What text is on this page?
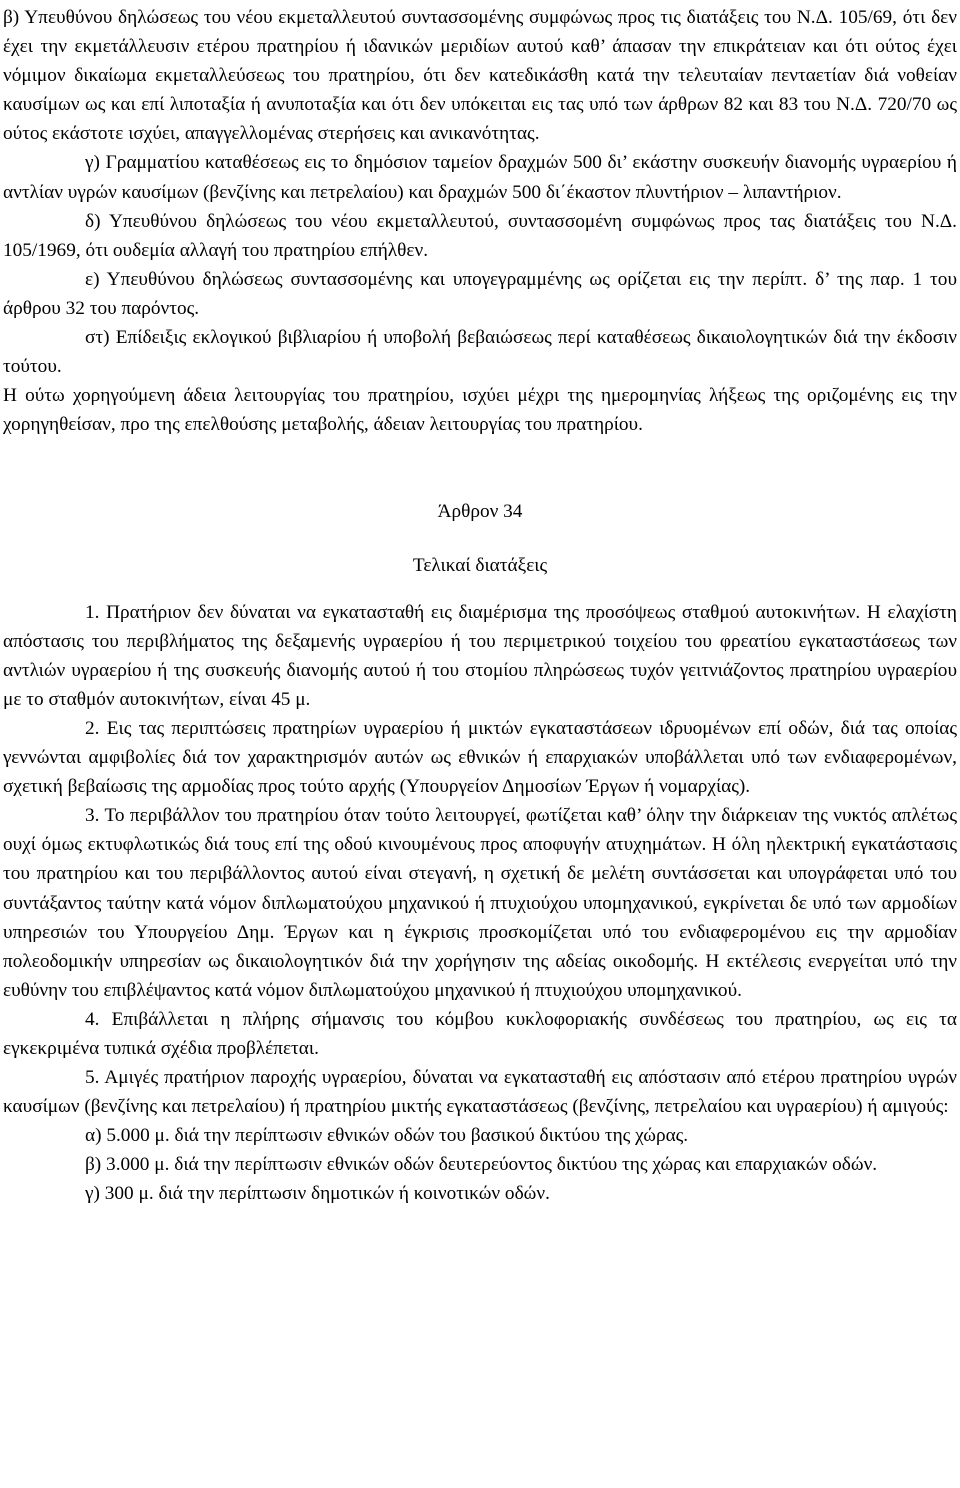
β) Υπευθύνου δηλώσεως του νέου εκμεταλλευτού συντασσομένης συμφώνως προς τις διατάξεις του Ν.Δ. 105/69, ότι δεν έχει την εκμετάλλευσιν ετέρου πρατηρίου ή ιδανικών μεριδίων αυτού καθ’ άπασαν την επικράτειαν και ότι ούτος έχει νόμιμον δικαίωμα εκμεταλλεύσεως του πρατηρίου, ότι δεν κατεδικάσθη κατά την τελευταίαν πενταετίαν διά νοθείαν καυσίμων ως και επί λιποταξία ή ανυποταξία και ότι δεν υπόκειται εις τας υπό των άρθρων 82 και 83 του Ν.Δ. 720/70 ως ούτος εκάστοτε ισχύει, απαγγελλομένας στερήσεις και ανικανότητας.

γ) Γραμματίου καταθέσεως εις το δημόσιον ταμείον δραχμών 500 δι’ εκάστην συσκευήν διανομής υγραερίου ή αντλίαν υγρών καυσίμων (βενζίνης και πετρελαίου) και δραχμών 500 δι΄έκαστον πλυντήριον – λιπαντήριον.

δ) Υπευθύνου δηλώσεως του νέου εκμεταλλευτού, συντασσομένη συμφώνως προς τας διατάξεις του Ν.Δ. 105/1969, ότι ουδεμία αλλαγή του πρατηρίου επήλθεν.

ε) Υπευθύνου δηλώσεως συντασσομένης και υπογεγραμμένης ως ορίζεται εις την περίπτ. δ’ της παρ. 1 του άρθρου 32 του παρόντος.

στ) Επίδειξις εκλογικού βιβλιαρίου ή υποβολή βεβαιώσεως περί καταθέσεως δικαιολογητικών διά την έκδοσιν τούτου.

Η ούτω χορηγούμενη άδεια λειτουργίας του πρατηρίου, ισχύει μέχρι της ημερομηνίας λήξεως της οριζομένης εις την χορηγηθείσαν, προ της επελθούσης μεταβολής, άδειαν λειτουργίας του πρατηρίου.

Άρθρον 34

Τελικαί διατάξεις

1. Πρατήριον δεν δύναται να εγκατασταθή εις διαμέρισμα της προσόψεως σταθμού αυτοκινήτων. Η ελαχίστη απόστασις του περιβλήματος της δεξαμενής υγραερίου ή του περιμετρικού τοιχείου του φρεατίου εγκαταστάσεως των αντλιών υγραερίου ή της συσκευής διανομής αυτού ή του στομίου πληρώσεως τυχόν γειτνιάζοντος πρατηρίου υγραερίου με το σταθμόν αυτοκινήτων, είναι 45 μ.

2. Εις τας περιπτώσεις πρατηρίων υγραερίου ή μικτών εγκαταστάσεων ιδρυομένων επί οδών, διά τας οποίας γεννώνται αμφιβολίες διά τον χαρακτηρισμόν αυτών ως εθνικών ή επαρχιακών υποβάλλεται υπό των ενδιαφερομένων, σχετική βεβαίωσις της αρμοδίας προς τούτο αρχής (Υπουργείον Δημοσίων Έργων ή νομαρχίας).

3. Το περιβάλλον του πρατηρίου όταν τούτο λειτουργεί, φωτίζεται καθ’ όλην την διάρκειαν της νυκτός απλέτως ουχί όμως εκτυφλωτικώς διά τους επί της οδού κινουμένους προς αποφυγήν ατυχημάτων. Η όλη ηλεκτρική εγκατάστασις του πρατηρίου και του περιβάλλοντος αυτού είναι στεγανή, η σχετική δε μελέτη συντάσσεται και υπογράφεται υπό του συντάξαντος ταύτην κατά νόμον διπλωματούχου μηχανικού ή πτυχιούχου υπομηχανικού, εγκρίνεται δε υπό των αρμοδίων υπηρεσιών του Υπουργείου Δημ. Έργων και η έγκρισις προσκομίζεται υπό του ενδιαφερομένου εις την αρμοδίαν πολεοδομικήν υπηρεσίαν ως δικαιολογητικόν διά την χορήγησιν της αδείας οικοδομής. Η εκτέλεσις ενεργείται υπό την ευθύνην του επιβλέψαντος κατά νόμον διπλωματούχου μηχανικού ή πτυχιούχου υπομηχανικού.

4. Επιβάλλεται η πλήρης σήμανσις του κόμβου κυκλοφοριακής συνδέσεως του πρατηρίου, ως εις τα εγκεκριμένα τυπικά σχέδια προβλέπεται.

5. Αμιγές πρατήριον παροχής υγραερίου, δύναται να εγκατασταθή εις απόστασιν από ετέρου πρατηρίου υγρών καυσίμων (βενζίνης και πετρελαίου) ή πρατηρίου μικτής εγκαταστάσεως (βενζίνης, πετρελαίου και υγραερίου) ή αμιγούς:

α) 5.000 μ. διά την περίπτωσιν εθνικών οδών του βασικού δικτύου της χώρας.

β) 3.000 μ. διά την περίπτωσιν εθνικών οδών δευτερεύοντος δικτύου της χώρας και επαρχιακών οδών.

γ) 300 μ. διά την περίπτωσιν δημοτικών ή κοινοτικών οδών.
